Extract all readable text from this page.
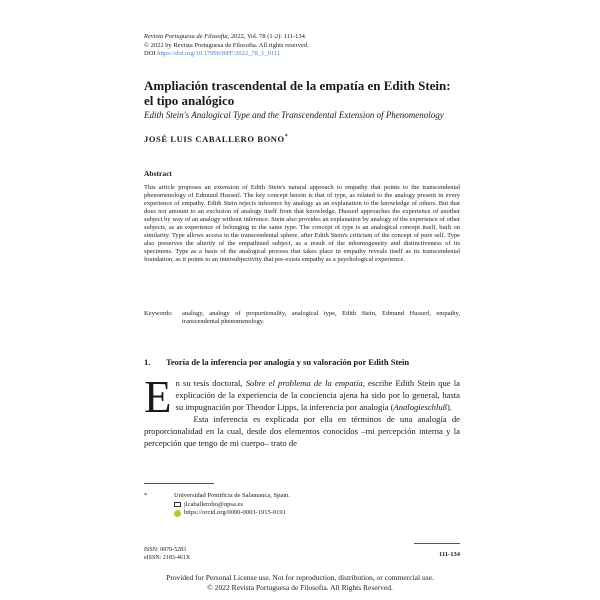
Revista Portuguesa de Filosofia, 2022, Vol. 78 (1-2): 111-134.
© 2022 by Revista Portuguesa de Filosofia. All rights reserved.
DOI https://doi.org/10.17990/RPF/2022_78_1_0111
Ampliación trascendental de la empatía en Edith Stein:
el tipo analógico
Edith Stein's Analogical Type and the Transcendental Extension of Phenomenology
JOSÉ LUIS CABALLERO BONO*
Abstract
This article proposes an extension of Edith Stein's natural approach to empathy that points to the transcendental phenomenology of Edmund Husserl. The key concept herein is that of type, as related to the analogy present in every experience of empathy. Edith Stein rejects inference by analogy as an explanation to the knowledge of others. But that does not amount to an exclusion of analogy itself from that knowledge. Husserl approaches the experience of another subject by way of an analogy without inference. Stein also provides an explanation by analogy of the experience of other subjects, as an experience of belonging to the same type. The concept of type is an analogical concept itself, built on similarity. Type allows access to the transcendental sphere, after Edith Stein's criticism of the concept of pure self. Type also preserves the alterity of the empathized subject, as a result of the inhomogeneity and distinctiveness of its specimens. Type as a basis of the analogical process that takes place in empathy reveals itself as its transcendental foundation, as it points to an intersubjectivity that pre-exists empathy as a psychological experience.
Keywords: analogy, analogy of proportionality, analogical type, Edith Stein, Edmund Husserl, empathy, transcendental phenomenology.
1. Teoría de la inferencia por analogía y su valoración por Edith Stein

En su tesis doctoral, Sobre el problema de la empatía, escribe Edith Stein que la explicación de la experiencia de la conciencia ajena ha sido por lo general, hasta su impugnación por Theodor Lipps, la inferencia por analogía (Analogieschluß).

Esta inferencia es explicada por ella en términos de una analogía de proporcionalidad en la cual, desde dos elementos conocidos –mi percepción interna y la percepción que tengo de mi cuerpo– trato de

*	Universidad Pontificia de Salamanca, Spain.
jlcaballerobo@upsa.es
https://orcid.org/0000-0003-1915-0191
ISSN: 0870-5283
eISSN: 2183-461X	111-134
Provided for Personal License use. Not for reproduction, distribution, or commercial use.
© 2022 Revista Portuguesa de Filosofia. All Rights Reserved.
